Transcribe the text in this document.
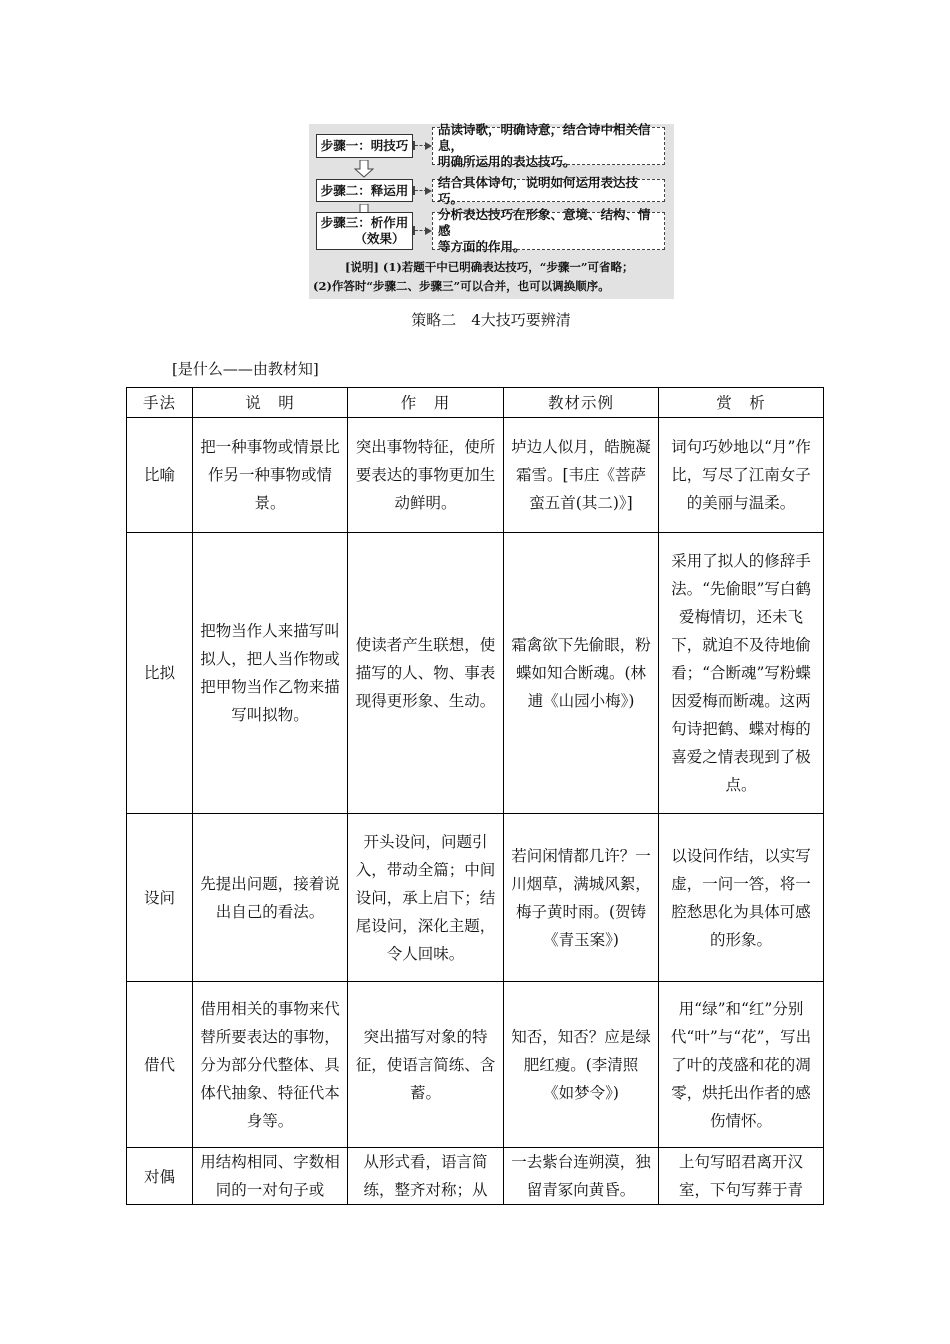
步骤一：明技巧
品读诗歌，明确诗意，结合诗中相关信息，
明确所运用的表达技巧。
步骤二：释运用
结合具体诗句，说明如何运用表达技巧。
步骤三：析作用
（效果）
分析表达技巧在形象、意境、结构、情感
等方面的作用。
[说明] (1)若题干中已明确表达技巧，“步骤一”可省略；
(2)作答时“步骤二、步骤三”可以合并，也可以调换顺序。
策略二　4大技巧要辨清
[是什么——由教材知]
手法	说　明	作　用	教材示例	赏　析
比喻	把一种事物或情景比作另一种事物或情景。	突出事物特征，使所要表达的事物更加生动鲜明。	垆边人似月，皓腕凝霜雪。[韦庄《菩萨蛮五首(其二)》]	词句巧妙地以“月”作比，写尽了江南女子的美丽与温柔。
比拟	把物当作人来描写叫拟人，把人当作物或把甲物当作乙物来描写叫拟物。	使读者产生联想，使描写的人、物、事表现得更形象、生动。	霜禽欲下先偷眼，粉蝶如知合断魂。(林逋《山园小梅》)	采用了拟人的修辞手法。“先偷眼”写白鹤爱梅情切，还未飞下，就迫不及待地偷看；“合断魂”写粉蝶因爱梅而断魂。这两句诗把鹤、蝶对梅的喜爱之情表现到了极点。
设问	先提出问题，接着说出自己的看法。	开头设问，问题引入，带动全篇；中间设问，承上启下；结尾设问，深化主题，令人回味。	若问闲情都几许？一川烟草，满城风絮，梅子黄时雨。(贺铸《青玉案》)	以设问作结，以实写虚，一问一答，将一腔愁思化为具体可感的形象。
借代	借用相关的事物来代替所要表达的事物，分为部分代整体、具体代抽象、特征代本身等。	突出描写对象的特征，使语言简练、含蓄。	知否，知否？应是绿肥红瘦。(李清照《如梦令》)	用“绿”和“红”分别代“叶”与“花”，写出了叶的茂盛和花的凋零，烘托出作者的感伤情怀。
对偶	用结构相同、字数相同的一对句子或	从形式看，语言简练，整齐对称；从	一去紫台连朔漠，独留青冢向黄昏。	上句写昭君离开汉室，下句写葬于青
